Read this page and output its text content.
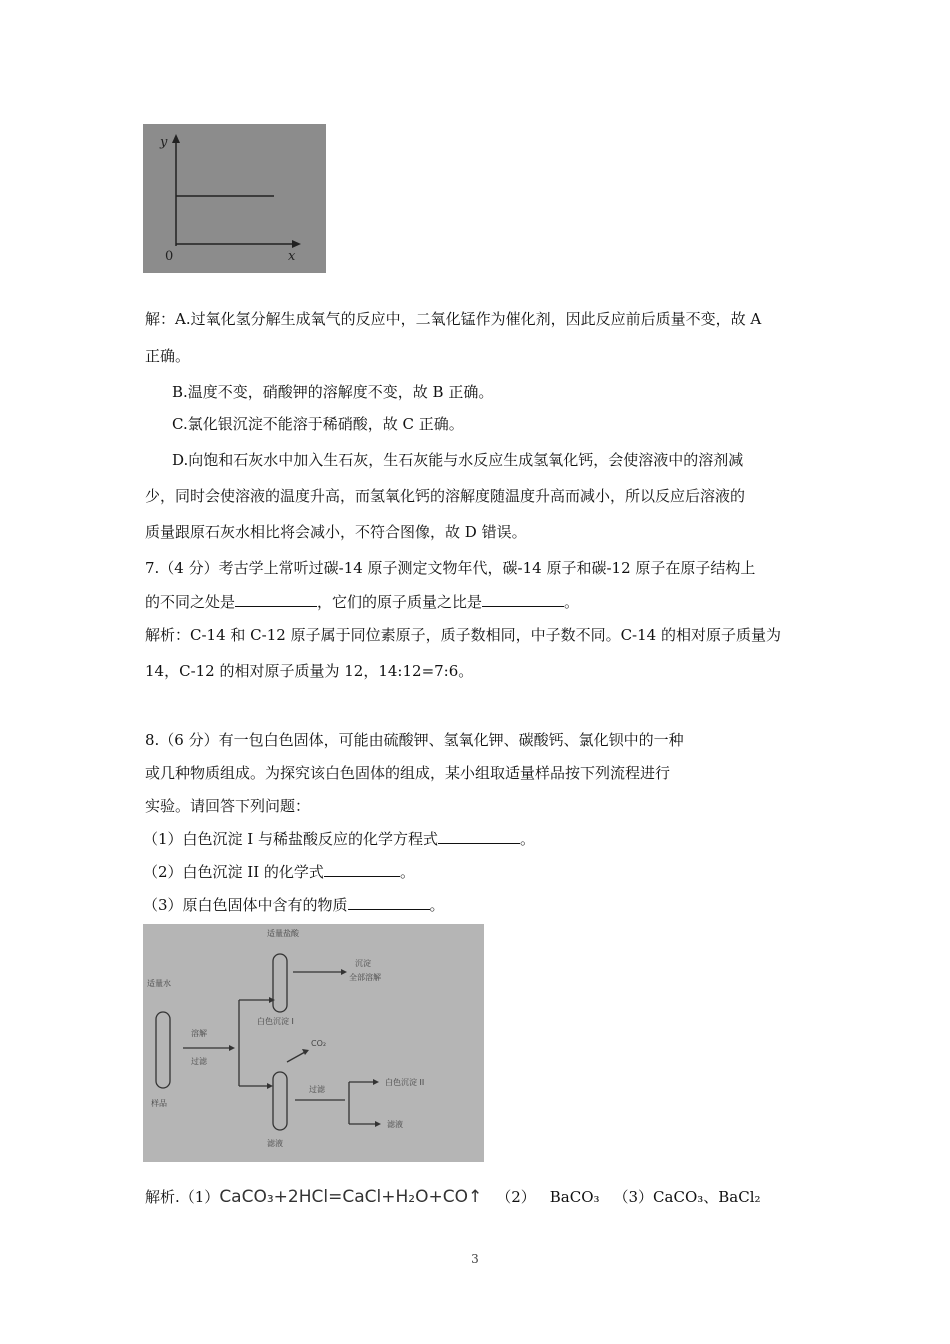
y
0	x
解：A.过氧化氢分解生成氧气的反应中，二氧化锰作为催化剂，因此反应前后质量不变，故 A
正确。
B.温度不变，硝酸钾的溶解度不变，故 B 正确。
C.氯化银沉淀不能溶于稀硝酸，故 C 正确。
D.向饱和石灰水中加入生石灰，生石灰能与水反应生成氢氧化钙，会使溶液中的溶剂减
少，同时会使溶液的温度升高，而氢氧化钙的溶解度随温度升高而减小，所以反应后溶液的
质量跟原石灰水相比将会减小，不符合图像，故 D 错误。
7.（4 分）考古学上常听过碳-14 原子测定文物年代，碳-14 原子和碳-12 原子在原子结构上
的不同之处是	，它们的原子质量之比是	。
解析：C-14 和 C-12 原子属于同位素原子，质子数相同，中子数不同。C-14 的相对原子质量为
14，C-12 的相对原子质量为 12，14:12=7:6。
8.（6 分）有一包白色固体，可能由硫酸钾、氢氧化钾、碳酸钙、氯化钡中的一种
或几种物质组成。为探究该白色固体的组成，某小组取适量样品按下列流程进行
实验。请回答下列问题：
（1）白色沉淀 I 与稀盐酸反应的化学方程式	。
（2）白色沉淀 II 的化学式	。
（3）原白色固体中含有的物质	。
适量盐酸
适量水
样品
溶解
过滤
白色沉淀 I
沉淀
全部溶解
CO₂
滤液
过滤
白色沉淀 II
滤液
解析.（1）CaCO₃+2HCl=CaCl+H₂O+CO↑ （2） BaCO₃ （3）CaCO₃、BaCl₂
3
